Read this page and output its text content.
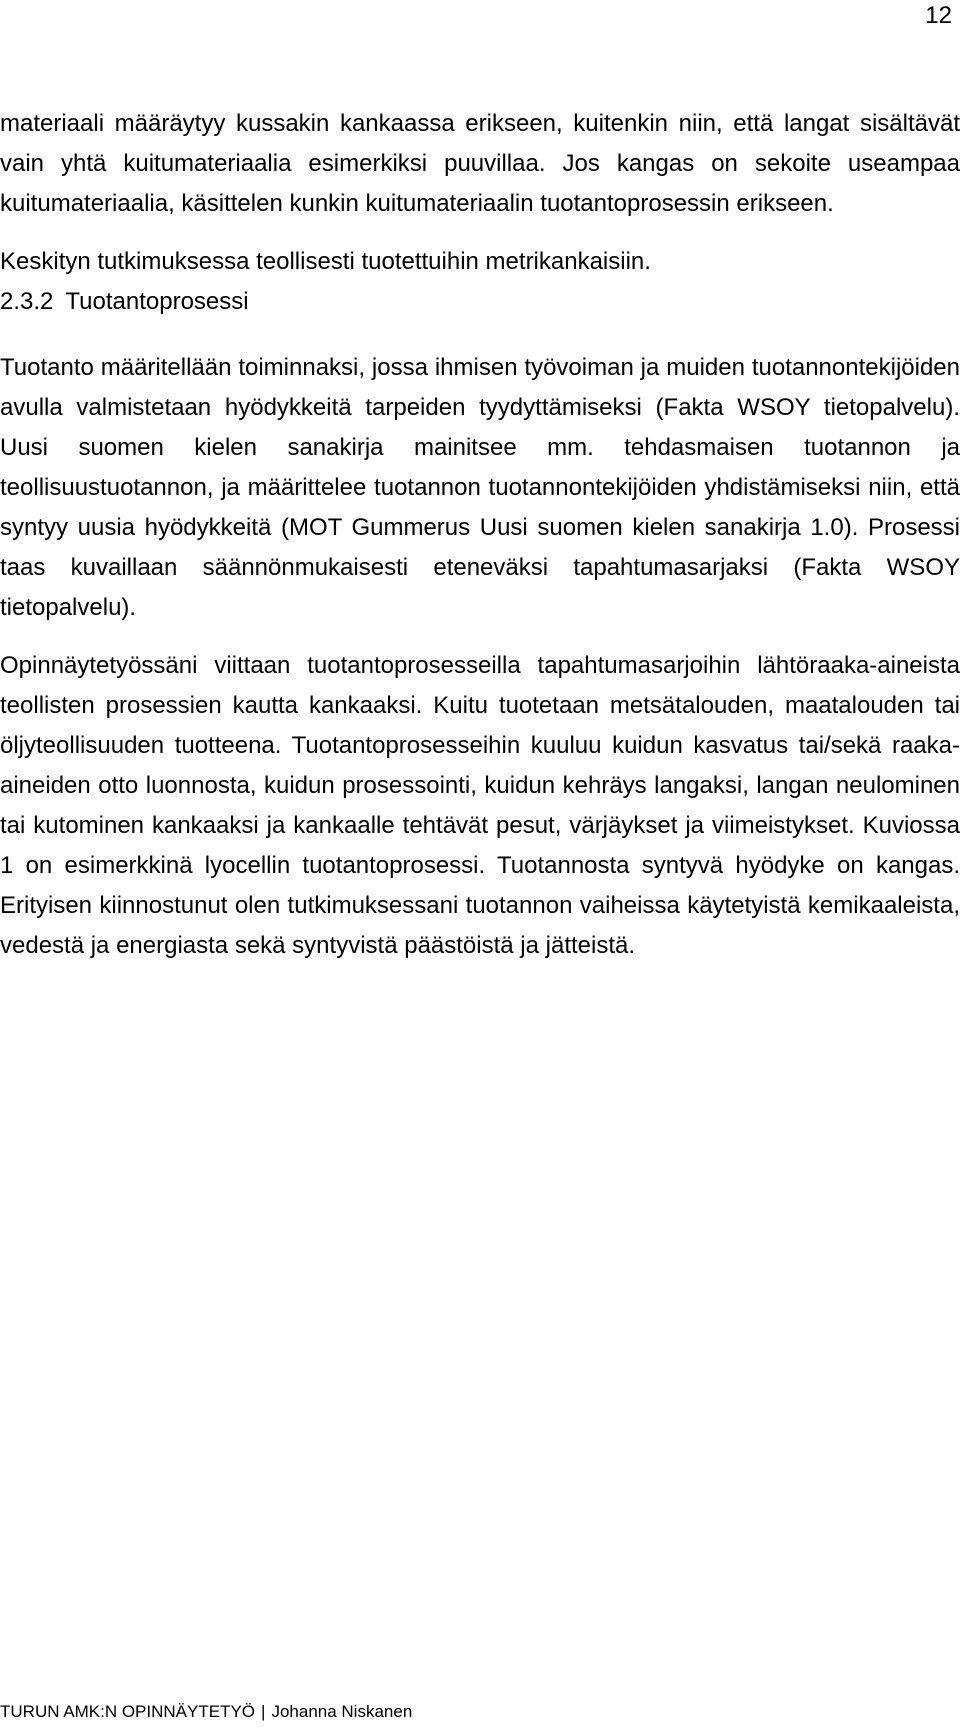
12

materiaali määräytyy kussakin kankaassa erikseen, kuitenkin niin, että langat sisältävät vain yhtä kuitumateriaalia esimerkiksi puuvillaa. Jos kangas on sekoite useampaa kuitumateriaalia, käsittelen kunkin kuitumateriaalin tuotantoprosessin erikseen.

Keskityn tutkimuksessa teollisesti tuotettuihin metrikankaisiin.

2.3.2 Tuotantoprosessi

Tuotanto määritellään toiminnaksi, jossa ihmisen työvoiman ja muiden tuotannontekijöiden avulla valmistetaan hyödykkeitä tarpeiden tyydyttämiseksi (Fakta WSOY tietopalvelu). Uusi suomen kielen sanakirja mainitsee mm. tehdasmaisen tuotannon ja teollisuustuotannon, ja määrittelee tuotannon tuotannontekijöiden yhdistämiseksi niin, että syntyy uusia hyödykkeitä (MOT Gummerus Uusi suomen kielen sanakirja 1.0). Prosessi taas kuvaillaan säännönmukaisesti eteneväksi tapahtumasarjaksi (Fakta WSOY tietopalvelu).

Opinnäytetyössäni viittaan tuotantoprosesseilla tapahtumasarjoihin lähtöraaka-aineista teollisten prosessien kautta kankaaksi. Kuitu tuotetaan metsätalouden, maatalouden tai öljyteollisuuden tuotteena. Tuotantoprosesseihin kuuluu kuidun kasvatus tai/sekä raaka-aineiden otto luonnosta, kuidun prosessointi, kuidun kehräys langaksi, langan neulominen tai kutominen kankaaksi ja kankaalle tehtävät pesut, värjäykset ja viimeistykset. Kuviossa 1 on esimerkkinä lyocellin tuotantoprosessi. Tuotannosta syntyvä hyödyke on kangas. Erityisen kiinnostunut olen tutkimuksessani tuotannon vaiheissa käytetyistä kemikaaleista, vedestä ja energiasta sekä syntyvistä päästöistä ja jätteistä.

TURUN AMK:N OPINNÄYTETYÖ | Johanna Niskanen
